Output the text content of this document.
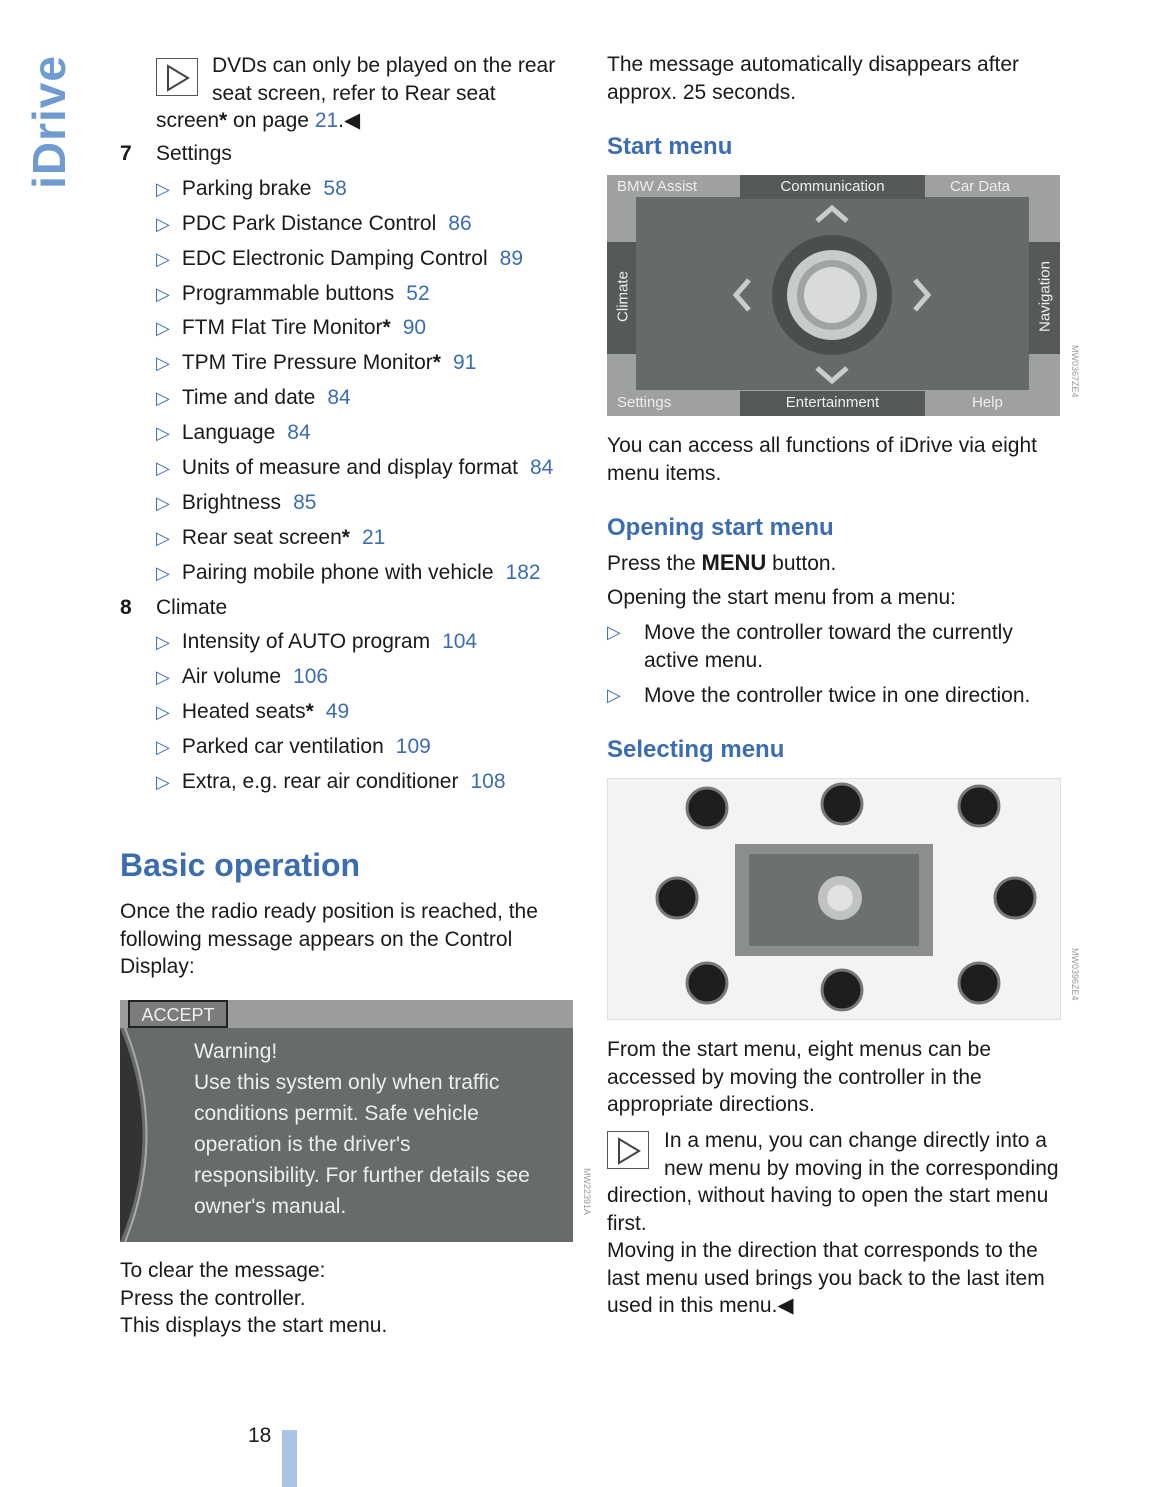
iDrive	DVDs can only be played on the rear seat screen, refer to Rear seat

screen* on page 21.◀

7 Settings
▷ Parking brake 58
▷ PDC Park Distance Control 86
▷ EDC Electronic Damping Control 89
▷ Programmable buttons 52
▷ FTM Flat Tire Monitor* 90
▷ TPM Tire Pressure Monitor* 91
▷ Time and date 84
▷ Language 84
▷ Units of measure and display format 84
▷ Brightness 85
▷ Rear seat screen* 21
▷ Pairing mobile phone with vehicle 182
8 Climate
▷ Intensity of AUTO program 104
▷ Air volume 106
▷ Heated seats* 49
▷ Parked car ventilation 109
▷ Extra, e.g. rear air conditioner 108
Basic operation

Once the radio ready position is reached, the following message appears on the Control Display:

ACCEPT
Warning!
Use this system only when traffic
conditions permit. Safe vehicle
operation is the driver's
responsibility. For further details see
owner's manual.	MW22391A

To clear the message:

Press the controller.

This displays the start menu.

The message automatically disappears after approx. 25 seconds.

Start menu
BMW Assist	Communication	Car Data
Settings	Entertainment	Help
Climate	Navigation
MW0367ZE4

You can access all functions of iDrive via eight menu items.

Opening start menu

Press the MENU button.

Opening the start menu from a menu:

▷ Move the controller toward the currently active menu.
▷ Move the controller twice in one direction.
Selecting menu
MW0396ZE4

From the start menu, eight menus can be accessed by moving the controller in the appropriate directions.

In a menu, you can change directly into a new menu by moving in the corresponding direction, without having to open the start menu first.

Moving in the direction that corresponds to the last menu used brings you back to the last item used in this menu.◀

18
